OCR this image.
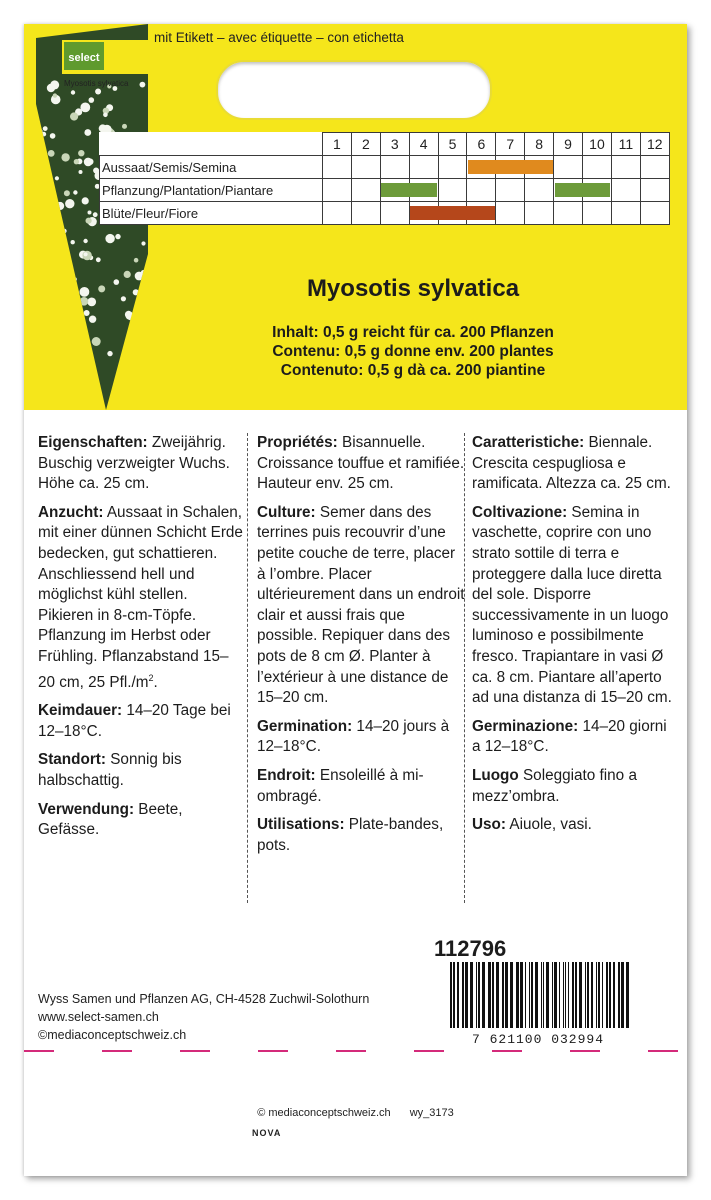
select
Myosotis sylvatica
mit Etikett – avec étiquette – con etichetta
	1	2	3	4	5	6	7	8	9	10	11	12
Aussaat/Semis/Semina												
Pflanzung/Plantation/Piantare												
Blüte/Fleur/Fiore												
Myosotis sylvatica
Inhalt: 0,5 g reicht für ca. 200 Pflanzen
Contenu: 0,5 g donne env. 200 plantes
Contenuto: 0,5 g dà ca. 200 piantine

Eigenschaften: Zweijährig. Buschig verzweigter Wuchs. Höhe ca. 25 cm.

Anzucht: Aussaat in Schalen, mit einer dünnen Schicht Erde bedecken, gut schattieren. Anschliessend hell und möglichst kühl stellen. Pikieren in 8-cm-Töpfe. Pflanzung im Herbst oder Frühling. Pflanzabstand 15–20 cm, 25 $Pfl./m^2$.

Keimdauer: 14–20 Tage bei 12–18°C.

Standort: Sonnig bis halbschattig.

Verwendung: Beete, Gefässe.

Propriétés: Bisannuelle. Croissance touffue et ramifiée. Hauteur env. 25 cm.

Culture: Semer dans des terrines puis recouvrir d’une petite couche de terre, placer à l’ombre. Placer ultérieurement dans un endroit clair et aussi frais que possible. Repiquer dans des pots de 8 cm Ø. Planter à l’extérieur à une distance de 15–20 cm.

Germination: 14–20 jours à 12–18°C.

Endroit: Ensoleillé à mi-ombragé.

Utilisations: Plate-bandes, pots.

Caratteristiche: Biennale. Crescita cespugliosa e ramificata. Altezza ca. 25 cm.

Coltivazione: Semina in vaschette, coprire con uno strato sottile di terra e proteggere dalla luce diretta del sole. Disporre successivamente in un luogo luminoso e possibilmente fresco. Trapiantare in vasi Ø ca. 8 cm. Piantare all’aperto ad una distanza di 15–20 cm.

Germinazione: 14–20 giorni a 12–18°C.

Luogo Soleggiato fino a mezz’ombra.

Uso: Aiuole, vasi.

112796
7 621100 032994
Wyss Samen und Pflanzen AG, CH-4528 Zuchwil-Solothurn
www.select-samen.ch
©mediaconceptschweiz.ch
© mediaconceptschweiz.ch wy_3173
NOVA
